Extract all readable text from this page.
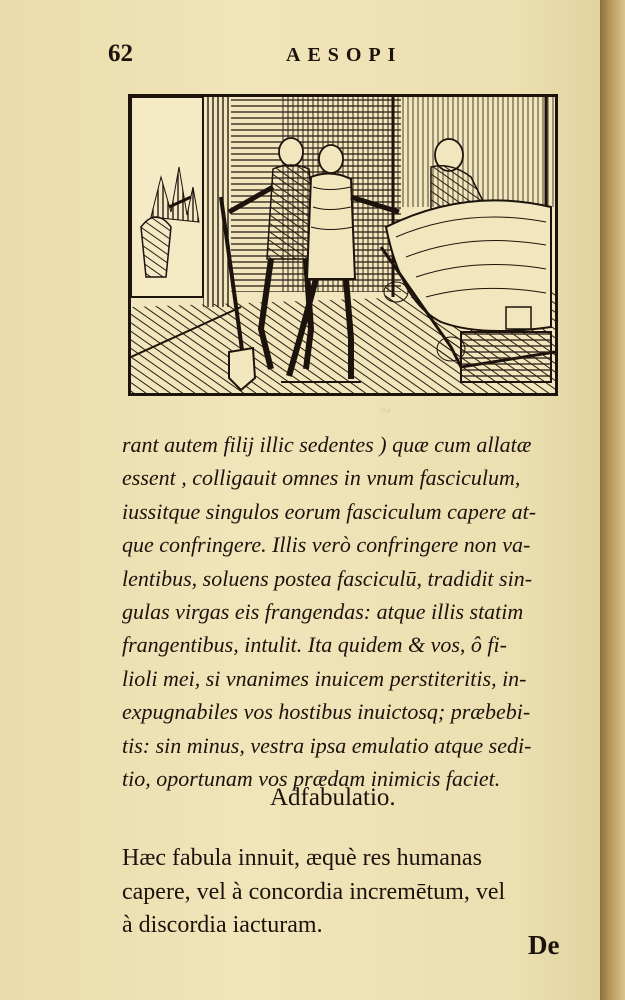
62	AESOPI
~
rant autem filij illic sedentes ) quæ cum allatæ
essent , colligauit omnes in vnum fasciculum,
iussitque singulos eorum fasciculum capere at-
que confringere. Illis verò confringere non va-
lentibus, soluens postea fasciculū, tradidit sin-
gulas virgas eis frangendas: atque illis statim
frangentibus, intulit. Ita quidem & vos, ô fi-
lioli mei, si vnanimes inuicem perstiteritis, in-
expugnabiles vos hostibus inuictosq; præbebi-
tis: sin minus, vestra ipsa emulatio atque sedi-
tio, oportunam vos prædam inimicis faciet.
Adfabulatio.
Hæc fabula innuit, æquè res humanas
capere, vel à concordia incremētum, vel
à discordia iacturam.
De
